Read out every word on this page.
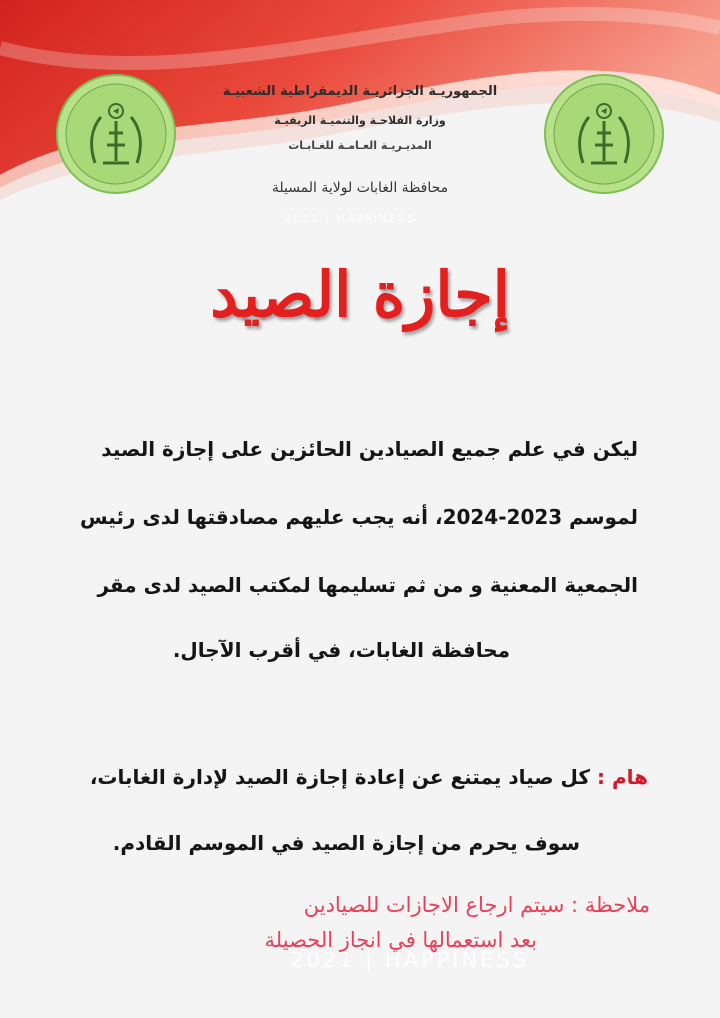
الجمهوريـة الجزائريـة الديمقراطية الشعبيـة
وزارة الفلاحـة والتنميـة الريفيـة
المديـريـة العـامـة للغـابـات
محافظة الغابات لولاية المسيلة
2021 | HAPPINESS
إجازة الصيد
ليكن في علم جميع الصيادين الحائزين على إجازة الصيد
لموسم 2023-2024، أنه يجب عليهم مصادقتها لدى رئيس
الجمعية المعنية و من ثم تسليمها لمكتب الصيد لدى مقر
محافظة الغابات، في أقرب الآجال.
هام : كل صياد يمتنع عن إعادة إجازة الصيد لإدارة الغابات،
سوف يحرم من إجازة الصيد في الموسم القادم.
ملاحظة : سيتم ارجاع الاجازات للصيادين
بعد استعمالها في انجاز الحصيلة
2021 | HAPPINESS
